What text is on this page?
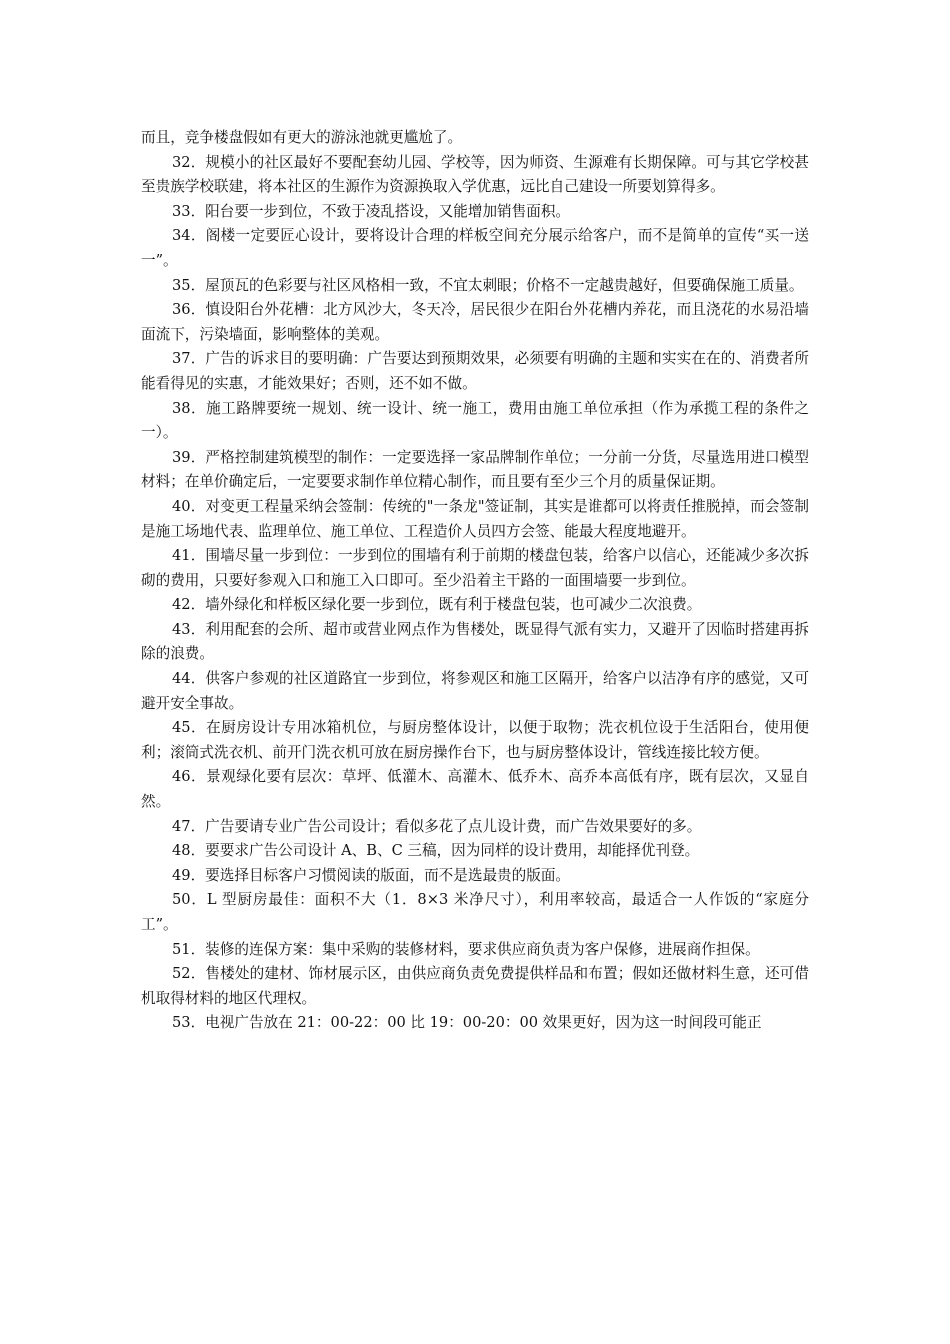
而且，竞争楼盘假如有更大的游泳池就更尴尬了。

32．规模小的社区最好不要配套幼儿园、学校等，因为师资、生源难有长期保障。可与其它学校甚至贵族学校联建，将本社区的生源作为资源换取入学优惠，远比自己建设一所要划算得多。

33．阳台要一步到位，不致于凌乱搭设，又能增加销售面积。

34．阁楼一定要匠心设计，要将设计合理的样板空间充分展示给客户，而不是简单的宣传“买一送一”。

35．屋顶瓦的色彩要与社区风格相一致，不宜太刺眼；价格不一定越贵越好，但要确保施工质量。

36．慎设阳台外花槽：北方风沙大，冬天冷，居民很少在阳台外花槽内养花，而且浇花的水易沿墙面流下，污染墙面，影响整体的美观。

37．广告的诉求目的要明确：广告要达到预期效果，必须要有明确的主题和实实在在的、消费者所能看得见的实惠，才能效果好；否则，还不如不做。

38．施工路牌要统一规划、统一设计、统一施工，费用由施工单位承担（作为承揽工程的条件之一）。

39．严格控制建筑模型的制作：一定要选择一家品牌制作单位；一分前一分货，尽量选用进口模型材料；在单价确定后，一定要要求制作单位精心制作，而且要有至少三个月的质量保证期。

40．对变更工程量采纳会签制：传统的"一条龙"签证制，其实是谁都可以将责任推脱掉，而会签制是施工场地代表、监理单位、施工单位、工程造价人员四方会签、能最大程度地避开。

41．围墙尽量一步到位：一步到位的围墙有利于前期的楼盘包装，给客户以信心，还能减少多次拆砌的费用，只要好参观入口和施工入口即可。至少沿着主干路的一面围墙要一步到位。

42．墙外绿化和样板区绿化要一步到位，既有利于楼盘包装，也可减少二次浪费。

43．利用配套的会所、超市或营业网点作为售楼处，既显得气派有实力，又避开了因临时搭建再拆除的浪费。

44．供客户参观的社区道路宜一步到位，将参观区和施工区隔开，给客户以洁净有序的感觉，又可避开安全事故。

45．在厨房设计专用冰箱机位，与厨房整体设计，以便于取物；洗衣机位设于生活阳台，使用便利；滚筒式洗衣机、前开门洗衣机可放在厨房操作台下，也与厨房整体设计，管线连接比较方便。

46．景观绿化要有层次：草坪、低灌木、高灌木、低乔木、高乔本高低有序，既有层次，又显自然。

47．广告要请专业广告公司设计；看似多花了点儿设计费，而广告效果要好的多。

48．要要求广告公司设计 A、B、C 三稿，因为同样的设计费用，却能择优刊登。

49．要选择目标客户习惯阅读的版面，而不是选最贵的版面。

50．L 型厨房最佳：面积不大（1．8×3 米净尺寸），利用率较高，最适合一人作饭的“家庭分工”。

51．装修的连保方案：集中采购的装修材料，要求供应商负责为客户保修，进展商作担保。

52．售楼处的建材、饰材展示区，由供应商负责免费提供样品和布置；假如还做材料生意，还可借机取得材料的地区代理权。

53．电视广告放在 21：00-22：00 比 19：00-20：00 效果更好，因为这一时间段可能正
